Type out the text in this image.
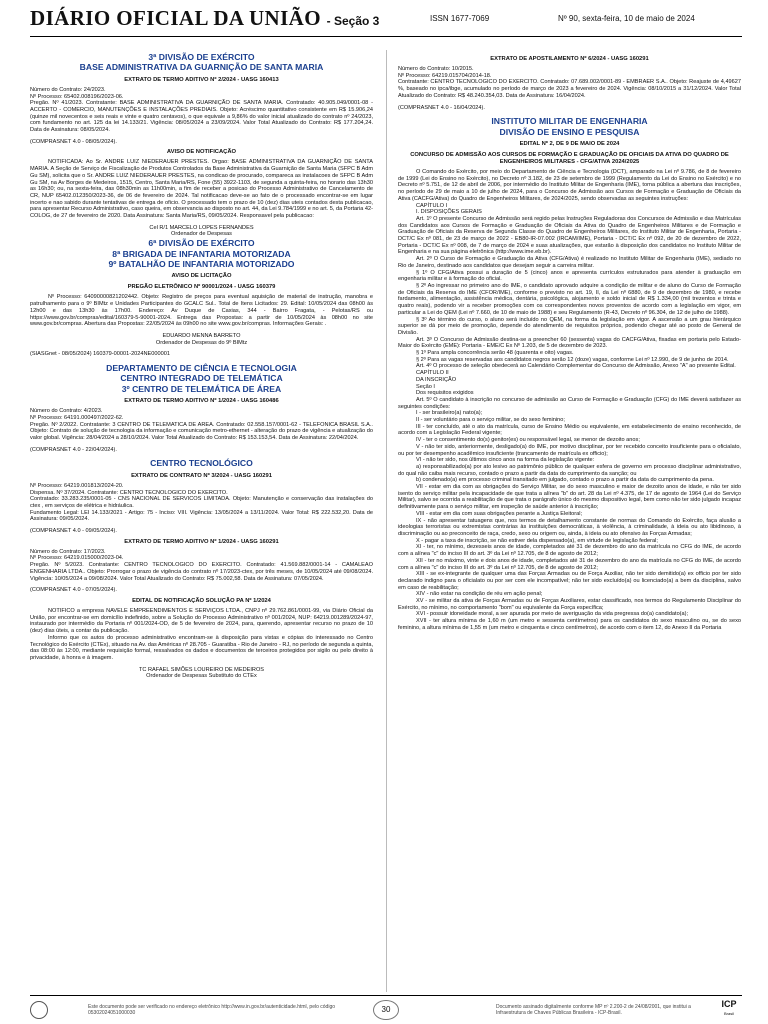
DIÁRIO OFICIAL DA UNIÃO - Seção 3	ISSN 1677-7069	Nº 90, sexta-feira, 10 de maio de 2024
3ª DIVISÃO DE EXÉRCITO
BASE ADMINISTRATIVA DA GUARNIÇÃO DE SANTA MARIA

EXTRATO DE TERMO ADITIVO Nº 2/2024 - UASG 160413

Número do Contrato: 24/2023.

Nº Processo: 65402.008196/2023-06.

Pregão. Nº 41/2023. Contratante: BASE ADMINISTRATIVA DA GUARNIÇÃO DE SANTA MARIA. Contratado: 40.905.049/0001-08 - ACCERTO - COMERCIO, MANUTENÇÕES E INSTALAÇÕES PREDIAIS. Objeto: Acréscimo quantitativo consistente em R$ 15.906,24 (quinze mil novecentos e seis reais e vinte e quatro centavos), o que equivale a 9,86% do valor inicial atualizado do contrato nº 24/2023, com fundamento no art. 125 da lei 14.133/21. Vigência: 08/05/2024 a 23/09/2024. Valor Total Atualizado do Contrato: R$ 177.204,24. Data de Assinatura: 08/05/2024.

(COMPRASNET 4.0 - 08/05/2024).

AVISO DE NOTIFICAÇÃO

NOTIFICADA: Ao Sr. ANDRE LUIZ NIEDERAUER PRESTES. Orgao: BASE ADMINISTRATIVA DA GUARNIÇÃO DE SANTA MARIA. A Seção de Serviço de Fiscalização de Produtos Controlados da Base Administrativa da Guarnição de Santa Maria (SFPC B Adm Gu SM), solicita que o Sr. ANDRE LUIZ NIEDERAUER PRESTES, na condicao de procurado, compareca as instalacoes de SFPC B Adm Gu SM, na Av Borges de Medeiros, 1515, Centro, Santa Maria/RS, Fone (55) 3922-1103, de segunda a quinta-feira, no horario das 13h30 as 16h30; ou, na sexta-feira, das 08h30min as 11h00min, a fim de receber a posicao do Processo Administrativo de Cancelamento de CR, NUP 65402.012350/2023-36, de 06 de fevereiro de 2024. Tal notificacao deve-se ao fato de o processado encontrar-se em lugar incerto e nao sabido durante tentativas de entrega de oficio. O processado tem o prazo de 10 (dez) dias uteis contados desta publicacao, para apresentar Recurso Administrativo, caso queira, em observancia ao disposto no art. 44, da Lei 9.784/1999 e no art. 5, da Portaria 42-COLOG, de 27 de fevereiro de 2020. Data Assinatura: Santa Maria/RS, 09/05/2024. Responsavel pela publicacao:

Cel R/1 MARCELO LOPES FERNANDES

Ordenador de Despesas

6ª DIVISÃO DE EXÉRCITO
8ª BRIGADA DE INFANTARIA MOTORIZADA
9º BATALHÃO DE INFANTARIA MOTORIZADO

AVISO DE LICITAÇÃO

PREGÃO ELETRÔNICO Nº 90001/2024 - UASG 160379

Nº Processo: 64090000821202442. Objeto: Registro de preços para eventual aquisição de material de instrução, manobra e patrulhamento para o 9º BIMtz e Unidades Participantes do GCALC Sul.. Total de Itens Licitados: 29. Edital: 10/05/2024 das 08h00 às 12h00 e das 13h30 às 17h00. Endereço: Av Duque de Caxias, 344 - Bairro Fragata, - Pelotas/RS ou https://www.gov.br/compras/edital/160379-5-90001-2024. Entrega das Propostas: a partir de 10/05/2024 às 08h00 no site www.gov.br/compras. Abertura das Propostas: 22/05/2024 às 09h00 no site www.gov.br/compras. Informações Gerais: .

EDUARDO MENNA BARRETO

Ordenador de Despesas do 9º BIMtz

(SIASGnet - 08/05/2024) 160379-00001-2024NE000001

DEPARTAMENTO DE CIÊNCIA E TECNOLOGIA
CENTRO INTEGRADO DE TELEMÁTICA
3º CENTRO DE TELEMÁTICA DE ÁREA

EXTRATO DE TERMO ADITIVO Nº 1/2024 - UASG 160486

Número do Contrato: 4/2023.

Nº Processo: 64191.000497/2022-62.

Pregão. Nº 2/2022. Contratante: 3 CENTRO DE TELEMATICA DE AREA. Contratado: 02.558.157/0001-62 - TELEFONICA BRASIL S.A.. Objeto: Contrato de solução de tecnologia da informação e comunicação metro-ethernet - alteração do prazo de vigência e atualização do valor global. Vigência: 28/04/2024 a 28/10/2024. Valor Total Atualizado do Contrato: R$ 153.153,54. Data de Assinatura: 22/04/2024.

(COMPRASNET 4.0 - 22/04/2024).

CENTRO TECNOLÓGICO

EXTRATO DE CONTRATO Nº 3/2024 - UASG 160291

Nº Processo: 64219.001813/2024-20.

Dispensa. Nº 37/2024. Contratante: CENTRO TECNOLOGICO DO EXERCITO.

Contratado: 33.283.235/0001-05 - CNS NACIONAL DE SERVICOS LIMITADA. Objeto: Manutenção e conservação das instalações do ctex , em serviços de elétrica e hidráulica.

Fundamento Legal: LEI 14.133/2021 - Artigo: 75 - Inciso: VIII. Vigência: 13/05/2024 a 13/11/2024. Valor Total: R$ 222.532,20. Data de Assinatura: 09/05/2024.

(COMPRASNET 4.0 - 09/05/2024).

EXTRATO DE TERMO ADITIVO Nº 1/2024 - UASG 160291

Número do Contrato: 17/2023.

Nº Processo: 64219.015000/2023-04.

Pregão. Nº 5/2023. Contratante: CENTRO TECNOLOGICO DO EXERCITO. Contratado: 41.569.882/0001-14 - CAMALEAO ENGENHARIA LTDA.. Objeto: Prorrogar o prazo de vigência do contrato nº 17/2023-ctex, por três meses, de 10/05/2024 até 09/08/2024. Vigência: 10/05/2024 a 09/08/2024. Valor Total Atualizado do Contrato: R$ 75.002,58. Data de Assinatura: 07/05/2024.

(COMPRASNET 4.0 - 07/05/2024).

EDITAL DE NOTIFICAÇÃO SOLUÇÃO PA Nº 1/2024

NOTIFICO a empresa NAVELE EMPREENDIMENTOS E SERVIÇOS LTDA., CNPJ nº 29.762.861/0001-99, via Diário Oficial da União, por encontrar-se em domicílio indefinido, sobre a Solução do Processo Administrativo nº 001/2024, NUP: 64219.001289/2024-97, instaurado por intermédio da Portaria nº 001/2024-OD, de 5 de fevereiro de 2024, para, querendo, apresentar recurso no prazo de 10 (dez) dias úteis, a contar da publicação.

Informo que os autos do processo administrativo encontram-se à disposição para vistas e cópias do interessado no Centro Tecnológico do Exército (CTEx), situado na Av. das Américas nº 28.705 - Guaratiba - Rio de Janeiro - RJ, no período de segunda a quinta, das 08:00 às 12:00, mediante requisição formal, ressalvados os dados e documentos de terceiros protegidos por sigilo ou pelo direito à privacidade, à honra e à imagem.

TC RAFAEL SIMÕES LOUREIRO DE MEDEIROS

Ordenador de Despesas Substituto do CTEx

EXTRATO DE APOSTILAMENTO Nº 6/2024 - UASG 160291

Número do Contrato: 10/2015.

Nº Processo: 64219.015704/2014-18.

Contratante: CENTRO TECNOLOGICO DO EXERCITO. Contratado: 07.689.002/0001-89 - EMBRAER S.A.. Objeto: Reajuste de 4,49627 %, baseado no ipca/ibge, acumulado no período de março de 2023 a fevereiro de 2024. Vigência: 08/10/2015 a 31/12/2024. Valor Total Atualizado do Contrato: R$ 48.240.354,03. Data de Assinatura: 16/04/2024.

(COMPRASNET 4.0 - 16/04/2024).

INSTITUTO MILITAR DE ENGENHARIA
DIVISÃO DE ENSINO E PESQUISA

EDITAL Nº 2, DE 9 DE MAIO DE 2024

CONCURSO DE ADMISSÃO AOS CURSOS DE FORMAÇÃO E GRADUAÇÃO DE OFICIAIS DA ATIVA DO QUADRO DE ENGENHEIROS MILITARES - CFG/ATIVA 2024/2025

O Comando do Exército, por meio do Departamento de Ciência e Tecnologia (DCT), amparado na Lei nº 9.786, de 8 de fevereiro de 1999 (Lei do Ensino no Exército), no Decreto nº 3.182, de 23 de setembro de 1999 (Regulamento da Lei do Ensino no Exército) e no Decreto nº 5.751, de 12 de abril de 2006, por intermédio do Instituto Militar de Engenharia (IME), torna pública a abertura das inscrições, no período de 29 de maio a 10 de julho de 2024, para o Concurso de Admissão aos Cursos de Formação e Graduação de Oficiais da Ativa (CACFG/Ativa) do Quadro de Engenheiros Militares, de 2024/2025, sendo observadas as seguintes instruções:

CAPÍTULO I

I. DISPOSIÇÕES GERAIS

Art. 1º O presente Concurso de Admissão será regido pelas Instruções Reguladoras dos Concursos de Admissão e das Matrículas dos Candidatos aos Cursos de Formação e Graduação de Oficiais da Ativa do Quadro de Engenheiros Militares e de Formação e Graduação de Oficiais da Reserva de Segunda Classe do Quadro de Engenheiros Militares, do Instituto Militar de Engenharia, Portaria - DCT/C Ex nº 081, de 23 de março de 2022 - EB80-IR-07.002 (IRCAM/IME), Portaria - DCT/C Ex nº 092, de 20 de dezembro de 2022, Portaria - DCT/C Ex nº 008, de 7 de março de 2024 e suas atualizações, que estarão à disposição dos candidatos no Instituto Militar de Engenharia e na sua página eletrônica (http://www.ime.eb.br).

Art. 2º O Curso de Formação e Graduação da Ativa (CFG/Ativa) é realizado no Instituto Militar de Engenharia (IME), sediado no Rio de Janeiro, destinado aos candidatos que desejam seguir a carreira militar.

§ 1º O CFG/Ativa possui a duração de 5 (cinco) anos e apresenta currículos estruturados para atender à graduação em engenharia militar e à formação do oficial.

§ 2º Ao ingressar no primeiro ano do IME, o candidato aprovado adquire a condição de militar e de aluno do Curso de Formação de Oficiais da Reserva do IME (CFOR/IME), conforme o previsto no art. 19, II, da Lei nº 6880, de 9 de dezembro de 1980, e recebe fardamento, alimentação, assistência médica, dentária, psicológica, alojamento e soldo inicial de R$ 1.334,00 (mil trezentos e trinta e quatro reais), podendo vir a receber promoções com os correspondentes novos proventos de acordo com a legislação em vigor, em particular a Lei do QEM (Lei nº 7.660, de 10 de maio de 1988) e seu Regulamento (R-43, Decreto nº 96.304, de 12 de julho de 1988).

§ 3º Ao término do curso, o aluno será incluído no QEM, na forma da legislação em vigor. A ascensão a um grau hierárquico superior se dá por meio de promoção, depende do atendimento de requisitos próprios, podendo chegar até ao posto de General de Divisão.

Art. 3º O Concurso de Admissão destina-se a preencher 60 (sessenta) vagas do CACFG/Ativa, fixadas em portaria pelo Estado-Maior do Exército (EME): Portaria - EME/C Ex Nº 1.203, de 5 de dezembro de 2023.

§ 1º Para ampla concorrência serão 48 (quarenta e oito) vagas.

§ 2º Para as vagas reservadas aos candidatos negros serão 12 (doze) vagas, conforme Lei nº 12.990, de 9 de junho de 2014.

Art. 4º O processo de seleção obedecerá ao Calendário Complementar do Concurso de Admissão, Anexo "A" ao presente Edital.

CAPÍTULO II

DA INSCRIÇÃO

Seção I

Dos requisitos exigidos

Art. 5º O candidato à inscrição no concurso de admissão ao Curso de Formação e Graduação (CFG) do IME deverá satisfazer as seguintes condições:

I - ser brasileiro(a) nato(a);

II - ser voluntário para o serviço militar, se do sexo feminino;

III - ter concluído, até o ato da matrícula, curso de Ensino Médio ou equivalente, em estabelecimento de ensino reconhecido, de acordo com a Legislação Federal vigente;

IV - ter o consentimento do(s) genitor(es) ou responsável legal, se menor de dezoito anos;

V - não ter sido, anteriormente, desligado(a) do IME, por motivo disciplinar, por ter recebido conceito insuficiente para o oficialato, ou por ter desempenho acadêmico insuficiente (trancamento de matrícula ex officio);

VI - não ter sido, nos últimos cinco anos na forma da legislação vigente:

a) responsabilizado(a) por ato lesivo ao patrimônio público de qualquer esfera de governo em processo disciplinar administrativo, do qual não caiba mais recurso, contado o prazo a partir da data do cumprimento da sanção; ou

b) condenado(a) em processo criminal transitado em julgado, contado o prazo a partir da data do cumprimento da pena.

VII - estar em dia com as obrigações do Serviço Militar, se do sexo masculino e maior de dezoito anos de idade, e não ter sido isento do serviço militar pela incapacidade de que trata a alínea "b" do art. 28 da Lei nº 4.375, de 17 de agosto de 1964 (Lei do Serviço Militar), salvo se ocorrida a reabilitação de que trata o parágrafo único do mesmo dispositivo legal, bem como não ter sido julgado incapaz definitivamente para o serviço militar, em inspeção de saúde anterior à inscrição;

VIII - estar em dia com suas obrigações perante a Justiça Eleitoral;

IX - não apresentar tatuagens que, nos termos de detalhamento constante de normas do Comando do Exército, faça alusão a ideologias terroristas ou extremistas contrárias às instituições democráticas, à violência, à criminalidade, à ideia ou ato libidinoso, à discriminação ou ao preconceito de raça, credo, sexo ou origem ou, ainda, à ideia ou ato ofensivo às Forças Armadas;

X - pagar a taxa de inscrição, se não estiver dela dispensado(a), em virtude de legislação federal;

XI - ter, no mínimo, dezesseis anos de idade, completados até 31 de dezembro do ano da matrícula no CFG do IME, de acordo com a alínea "c" do inciso III do art. 3º da Lei nº 12.705, de 8 de agosto de 2012;

XII - ter no máximo, vinte e dois anos de idade, completados até 31 de dezembro do ano da matrícula no CFG do IME, de acordo com a alínea "c" do inciso III do art. 3º da Lei nº 12.705, de 8 de agosto de 2012;

XIII - se ex-integrante de qualquer uma das Forças Armadas ou de Força Auxiliar, não ter sido demitido(a) ex officio por ter sido declarado indigno para o oficialato ou por ser com ele incompatível; não ter sido excluído(a) ou licenciado(a) a bem da disciplina, salvo em caso de reabilitação;

XIV - não estar na condição de réu em ação penal;

XV - se militar da ativa de Forças Armadas ou de Forças Auxiliares, estar classificado, nos termos do Regulamento Disciplinar do Exército, no mínimo, no comportamento "bom" ou equivalente da Força específica;

XVI - possuir idoneidade moral, a ser apurada por meio de averiguação da vida pregressa do(a) candidato(a);

XVII - ter altura mínima de 1,60 m (um metro e sessenta centímetros) para os candidatos do sexo masculino ou, se do sexo feminino, a altura mínima de 1,55 m (um metro e cinquenta e cinco centímetros), de acordo com o item 12, do Anexo II da Portaria

Este documento pode ser verificado no endereço eletrônico http://www.in.gov.br/autenticidade.html, pelo código 05302024051000030	30	Documento assinado digitalmente conforme MP nº 2.200-2 de 24/08/2001, que institui a Infraestrutura de Chaves Públicas Brasileira - ICP-Brasil.
ICP
Brasil
